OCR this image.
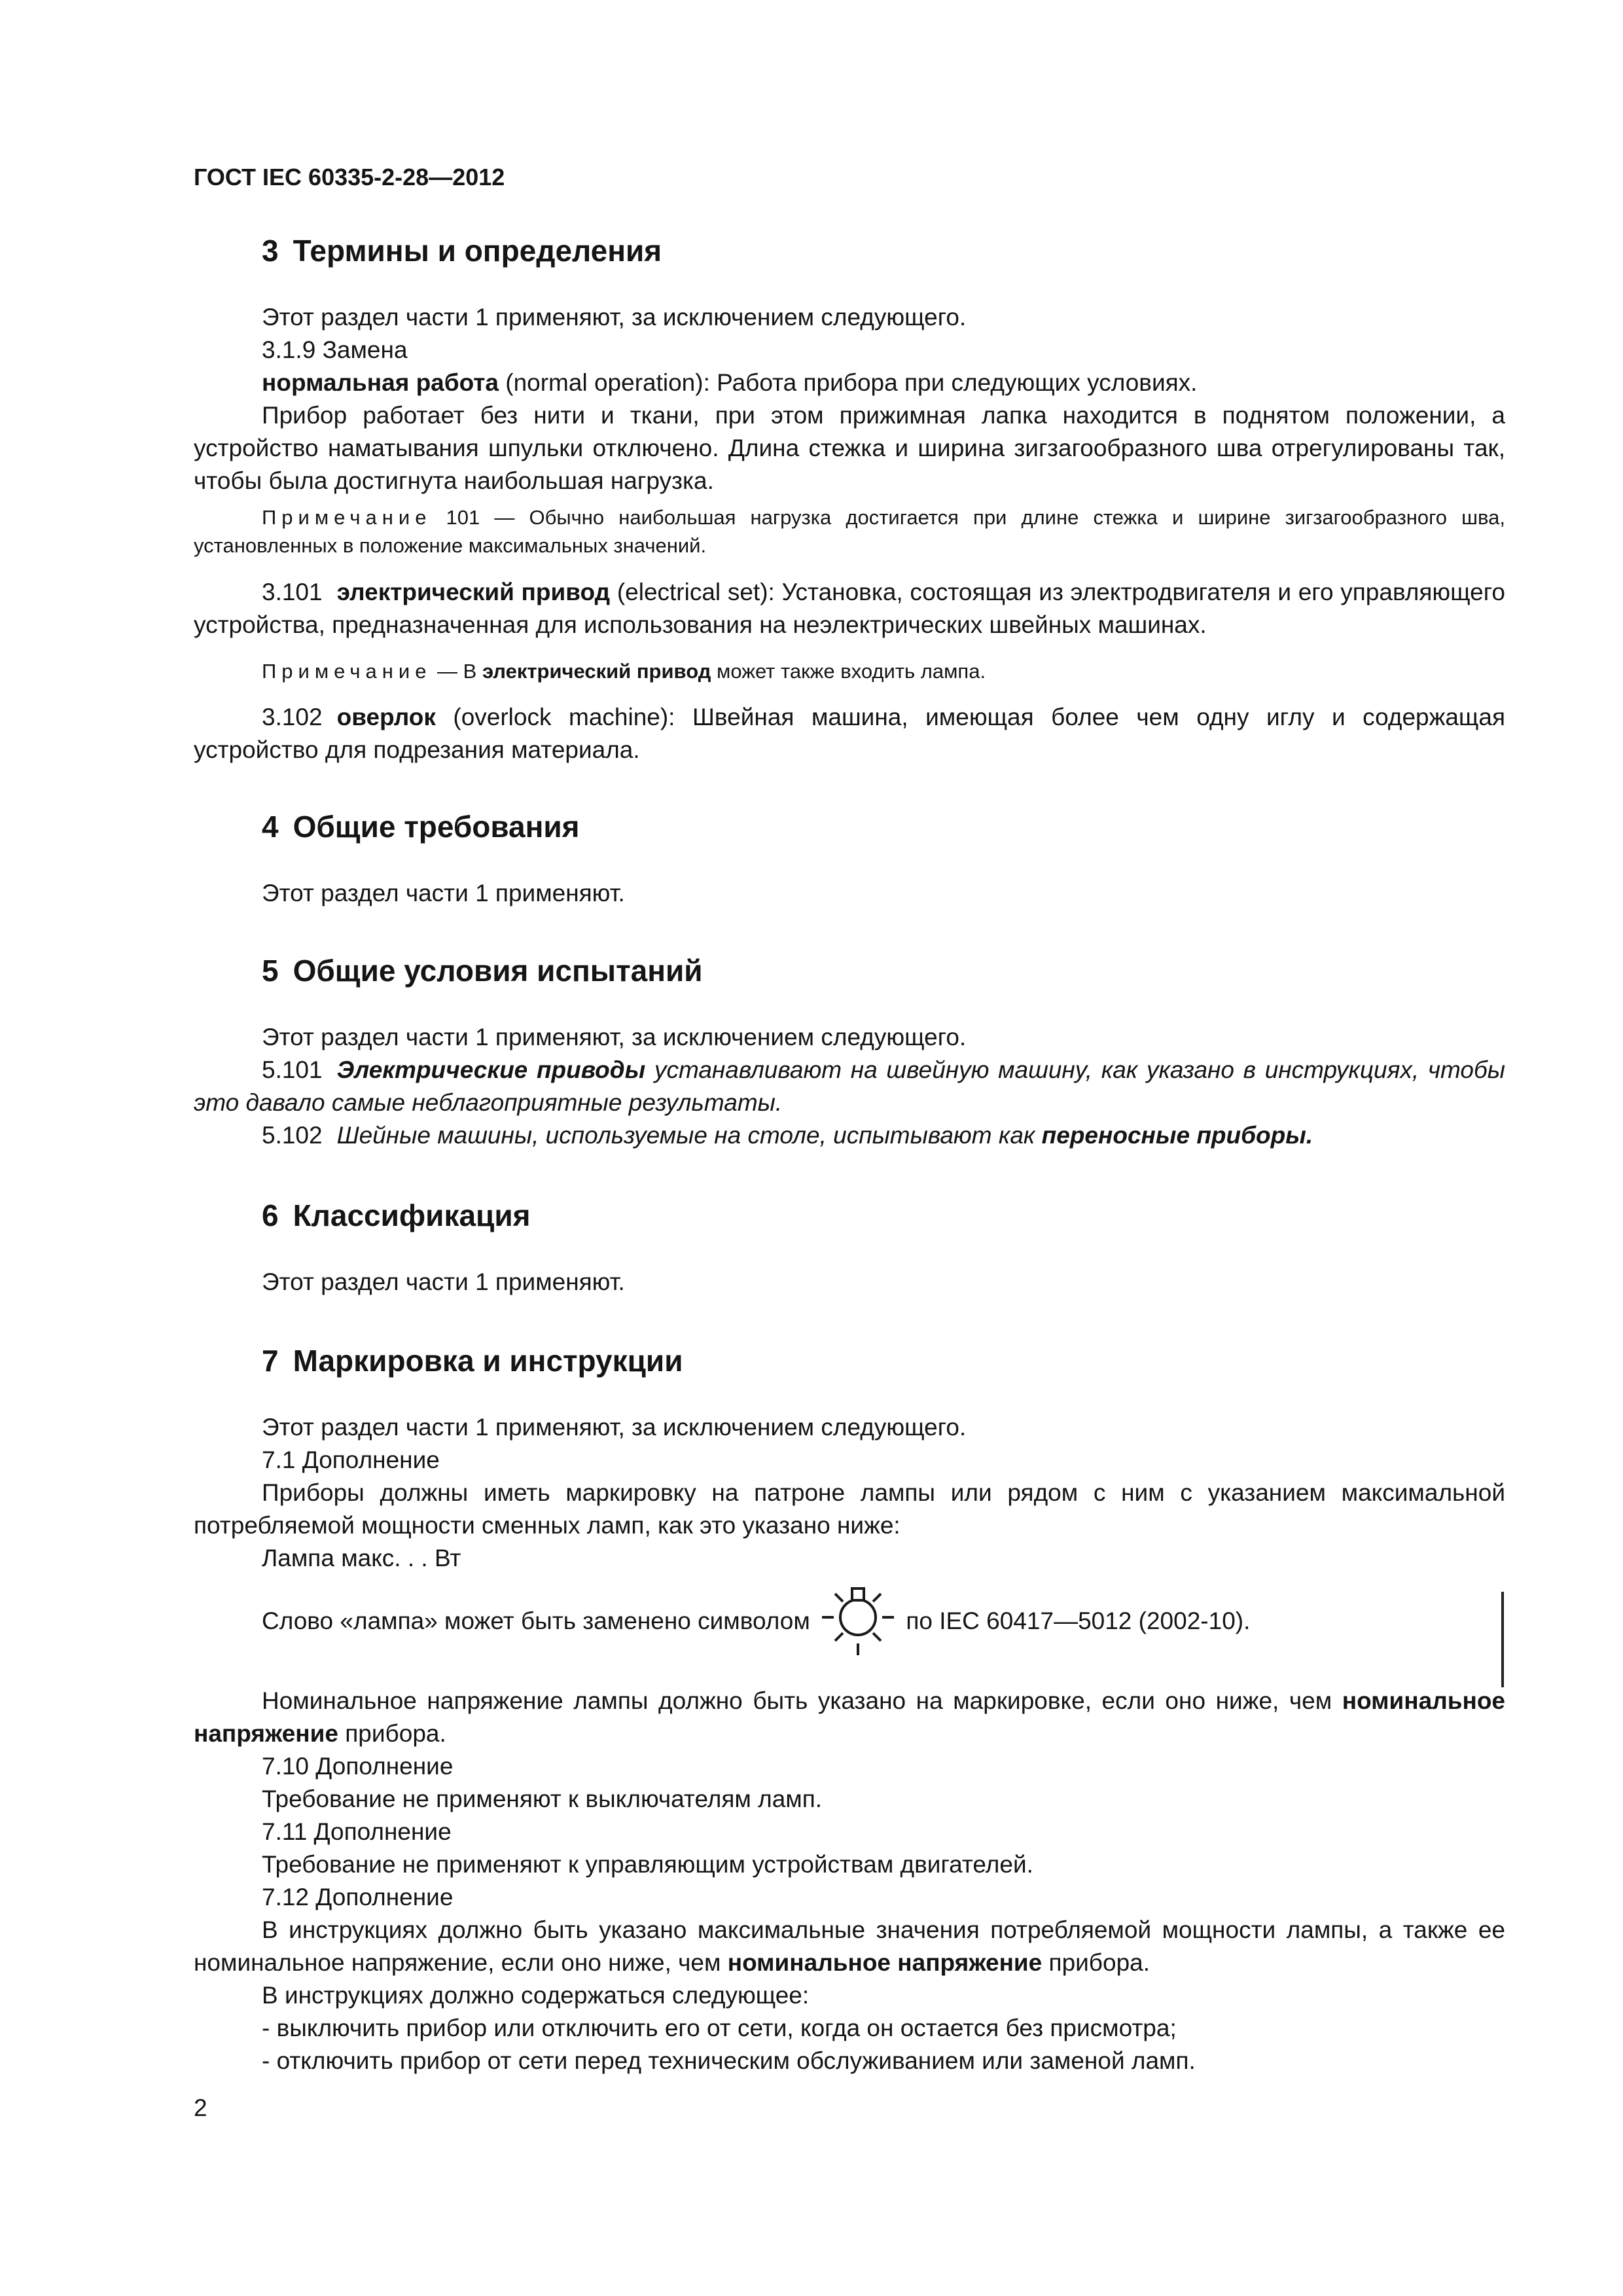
ГОСТ IEC 60335-2-28—2012

3 Термины и определения
Этот раздел части 1 применяют, за исключением следующего.
3.1.9 Замена
нормальная работа (normal operation): Работа прибора при следующих условиях.
Прибор работает без нити и ткани, при этом прижимная лапка находится в поднятом положении, а устройство наматывания шпульки отключено. Длина стежка и ширина зигзагообразного шва отрегулированы так, чтобы была достигнута наибольшая нагрузка.
Примечание 101 — Обычно наибольшая нагрузка достигается при длине стежка и ширине зигзагообразного шва, установленных в положение максимальных значений.
3.101 электрический привод (electrical set): Установка, состоящая из электродвигателя и его управляющего устройства, предназначенная для использования на неэлектрических швейных машинах.
Примечание — В электрический привод может также входить лампа.
3.102 оверлок (overlock machine): Швейная машина, имеющая более чем одну иглу и содержащая устройство для подрезания материала.
4 Общие требования
Этот раздел части 1 применяют.
5 Общие условия испытаний
Этот раздел части 1 применяют, за исключением следующего.
5.101 Электрические приводы устанавливают на швейную машину, как указано в инструкциях, чтобы это давало самые неблагоприятные результаты.
5.102 Шейные машины, используемые на столе, испытывают как переносные приборы.
6 Классификация
Этот раздел части 1 применяют.
7 Маркировка и инструкции
Этот раздел части 1 применяют, за исключением следующего.
7.1 Дополнение
Приборы должны иметь маркировку на патроне лампы или рядом с ним с указанием максимальной потребляемой мощности сменных ламп, как это указано ниже:
Лампа макс. . . Вт
Слово «лампа» может быть заменено символом	по IEC 60417—5012 (2002-10).
Номинальное напряжение лампы должно быть указано на маркировке, если оно ниже, чем номинальное напряжение прибора.
7.10 Дополнение
Требование не применяют к выключателям ламп.
7.11 Дополнение
Требование не применяют к управляющим устройствам двигателей.
7.12 Дополнение
В инструкциях должно быть указано максимальные значения потребляемой мощности лампы, а также ее номинальное напряжение, если оно ниже, чем номинальное напряжение прибора.
В инструкциях должно содержаться следующее:
- выключить прибор или отключить его от сети, когда он остается без присмотра;
- отключить прибор от сети перед техническим обслуживанием или заменой ламп.

2
